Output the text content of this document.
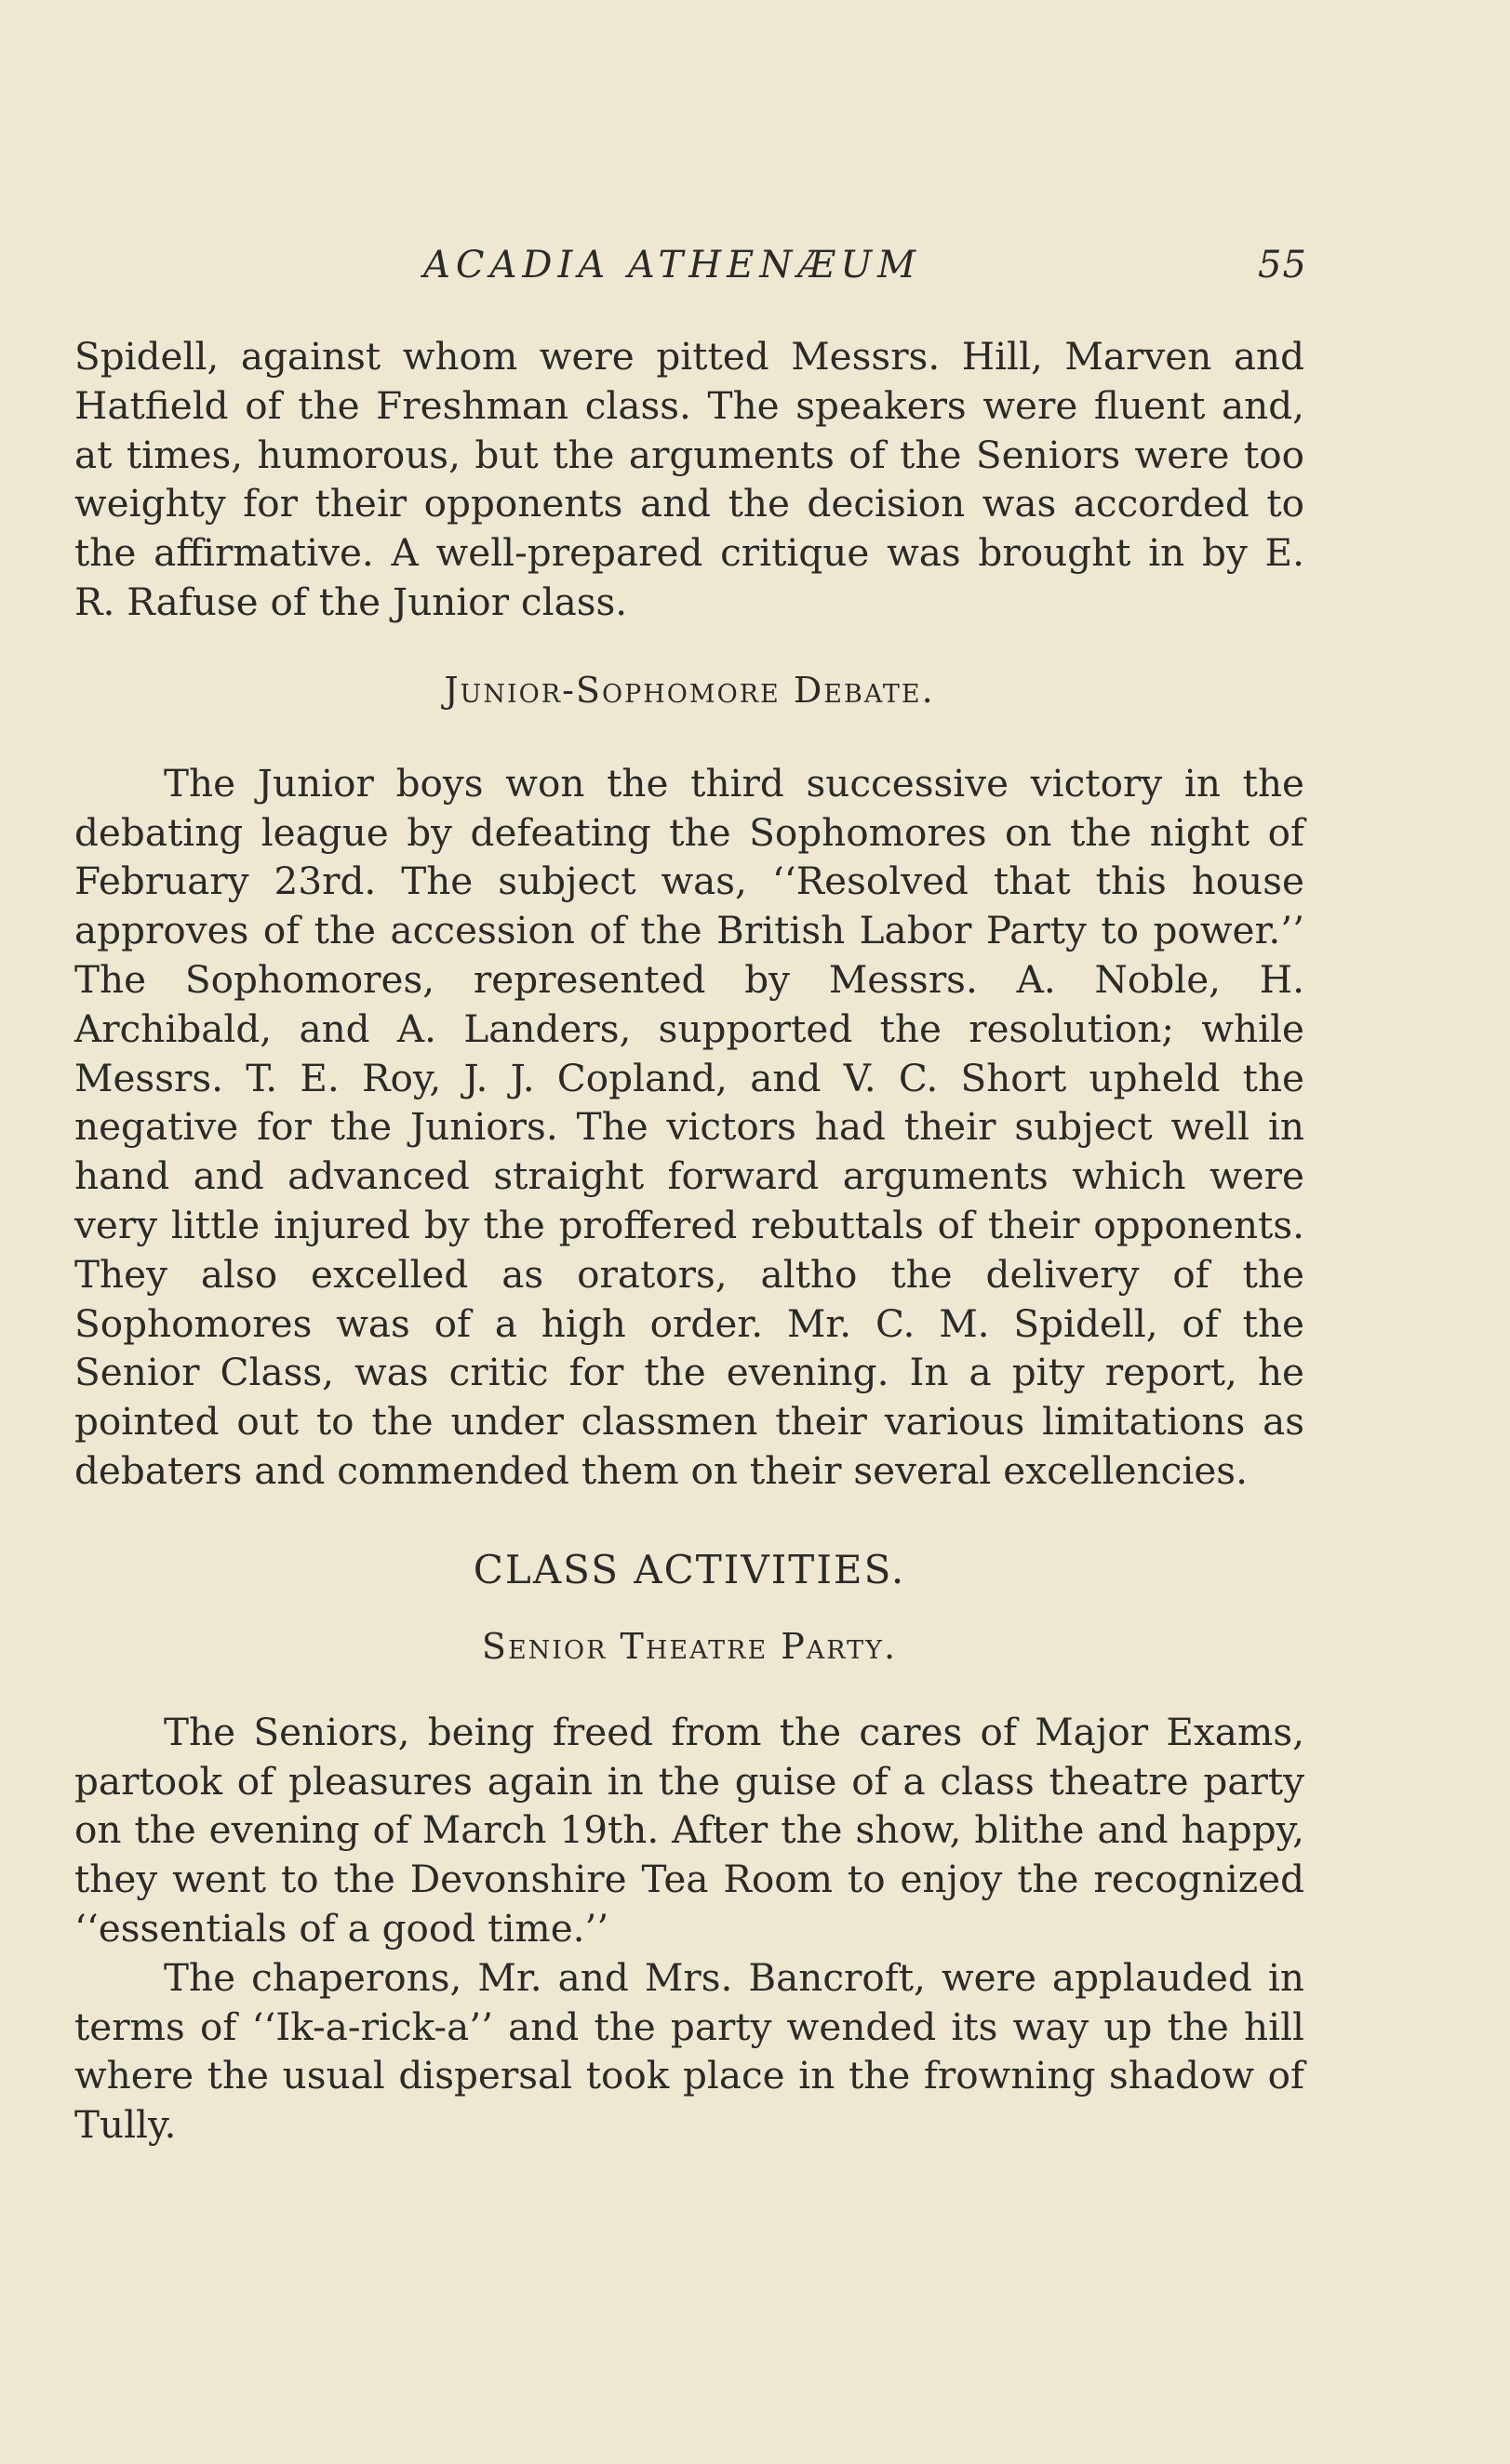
ACADIA ATHENÆUM	55

Spidell, against whom were pitted Messrs. Hill, Marven and Hatfield of the Freshman class. The speakers were fluent and, at times, humorous, but the arguments of the Seniors were too weighty for their opponents and the decision was accorded to the affirmative. A well-prepared critique was brought in by E. R. Rafuse of the Junior class.

Junior-Sophomore Debate.

The Junior boys won the third successive victory in the debating league by defeating the Sophomores on the night of February 23rd. The subject was, ‘‘Resolved that this house approves of the accession of the British Labor Party to power.’’ The Sophomores, represented by Messrs. A. Noble, H. Archibald, and A. Landers, supported the resolution; while Messrs. T. E. Roy, J. J. Copland, and V. C. Short upheld the negative for the Juniors. The victors had their subject well in hand and advanced straight forward arguments which were very little injured by the proffered rebuttals of their opponents. They also excelled as orators, altho the delivery of the Sophomores was of a high order. Mr. C. M. Spidell, of the Senior Class, was critic for the evening. In a pity report, he pointed out to the under classmen their various limitations as debaters and commended them on their several excellencies.

CLASS ACTIVITIES.
Senior Theatre Party.

The Seniors, being freed from the cares of Major Exams, partook of pleasures again in the guise of a class theatre party on the evening of March 19th. After the show, blithe and happy, they went to the Devonshire Tea Room to enjoy the recognized ‘‘essentials of a good time.’’

The chaperons, Mr. and Mrs. Bancroft, were applauded in terms of ‘‘Ik-a-rick-a’’ and the party wended its way up the hill where the usual dispersal took place in the frowning shadow of Tully.
